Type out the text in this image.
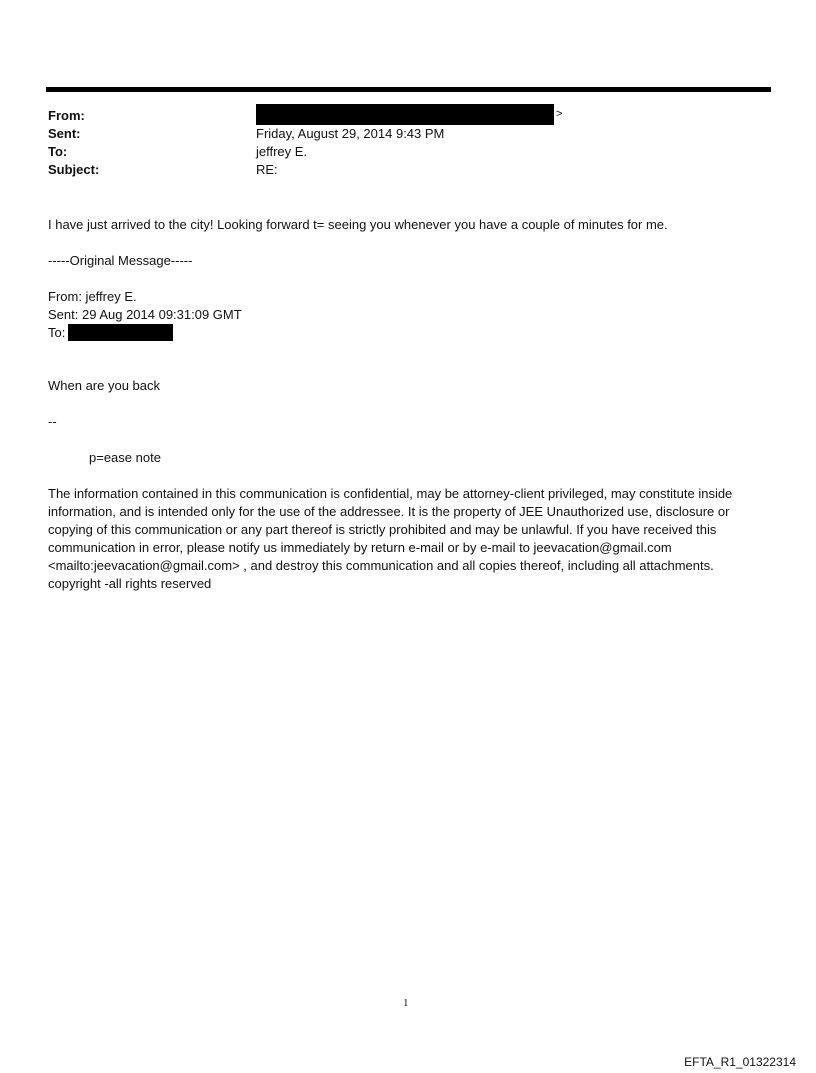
From:	>
Sent:	Friday, August 29, 2014 9:43 PM
To:	jeffrey E.
Subject:	RE:
I have just arrived to the city! Looking forward t= seeing you whenever you have a couple of minutes for me.
-----Original Message-----
From: jeffrey E.
Sent: 29 Aug 2014 09:31:09 GMT
To:
When are you back
--
p=ease note
The information contained in this communication is confidential, may be attorney-client privileged, may constitute inside information, and is intended only for the use of the addressee. It is the property of JEE Unauthorized use, disclosure or copying of this communication or any part thereof is strictly prohibited and may be unlawful. If you have received this communication in error, please notify us immediately by return e-mail or by e-mail to jeevacation@gmail.com <mailto:jeevacation@gmail.com> , and destroy this communication and all copies thereof, including all attachments. copyright -all rights reserved
1
EFTA_R1_01322314
